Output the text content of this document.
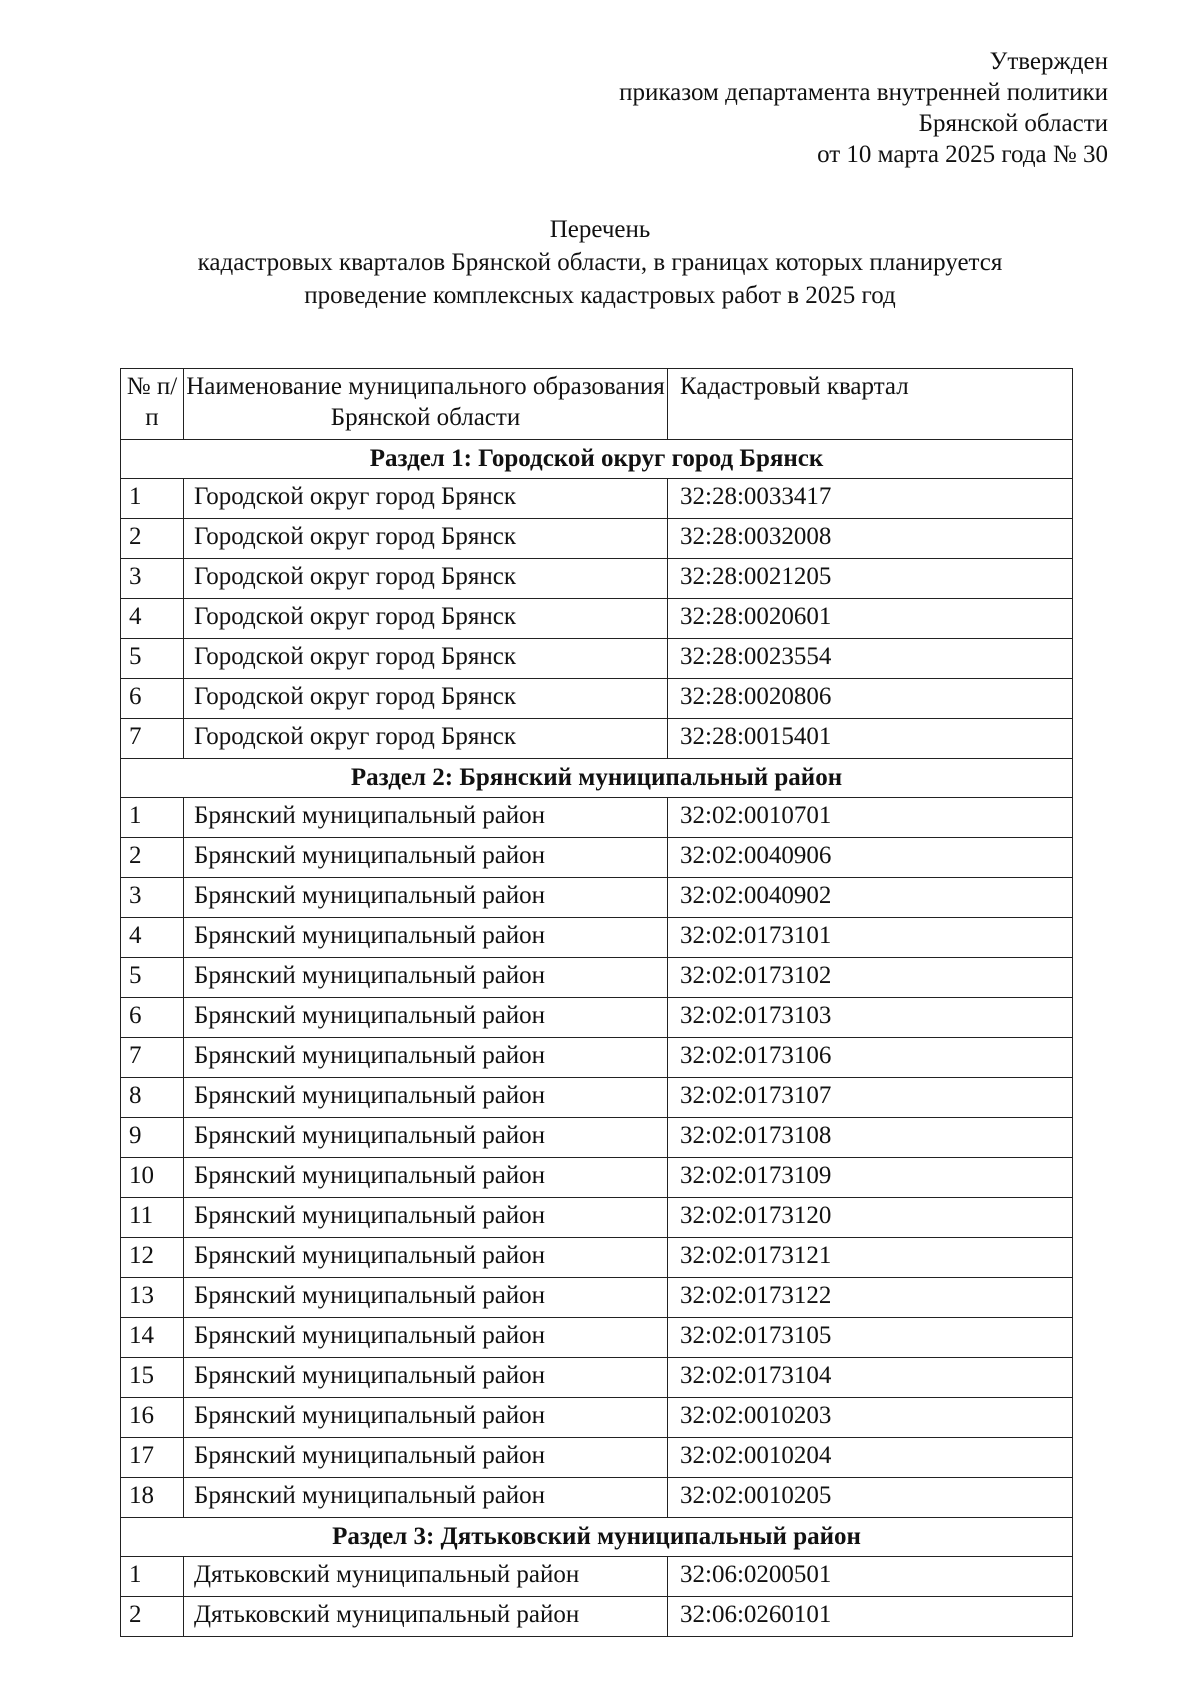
Утвержден
приказом департамента внутренней политики
Брянской области
от 10 марта 2025 года № 30
Перечень
кадастровых кварталов Брянской области, в границах которых планируется
проведение комплексных кадастровых работ в 2025 год
№ п/п	Наименование муниципального образования Брянской области	Кадастровый квартал
Раздел 1: Городской округ город Брянск		
1	Городской округ город Брянск	32:28:0033417
2	Городской округ город Брянск	32:28:0032008
3	Городской округ город Брянск	32:28:0021205
4	Городской округ город Брянск	32:28:0020601
5	Городской округ город Брянск	32:28:0023554
6	Городской округ город Брянск	32:28:0020806
7	Городской округ город Брянск	32:28:0015401
Раздел 2: Брянский муниципальный район		
1	Брянский муниципальный район	32:02:0010701
2	Брянский муниципальный район	32:02:0040906
3	Брянский муниципальный район	32:02:0040902
4	Брянский муниципальный район	32:02:0173101
5	Брянский муниципальный район	32:02:0173102
6	Брянский муниципальный район	32:02:0173103
7	Брянский муниципальный район	32:02:0173106
8	Брянский муниципальный район	32:02:0173107
9	Брянский муниципальный район	32:02:0173108
10	Брянский муниципальный район	32:02:0173109
11	Брянский муниципальный район	32:02:0173120
12	Брянский муниципальный район	32:02:0173121
13	Брянский муниципальный район	32:02:0173122
14	Брянский муниципальный район	32:02:0173105
15	Брянский муниципальный район	32:02:0173104
16	Брянский муниципальный район	32:02:0010203
17	Брянский муниципальный район	32:02:0010204
18	Брянский муниципальный район	32:02:0010205
Раздел 3: Дятьковский муниципальный район		
1	Дятьковский муниципальный район	32:06:0200501
2	Дятьковский муниципальный район	32:06:0260101
